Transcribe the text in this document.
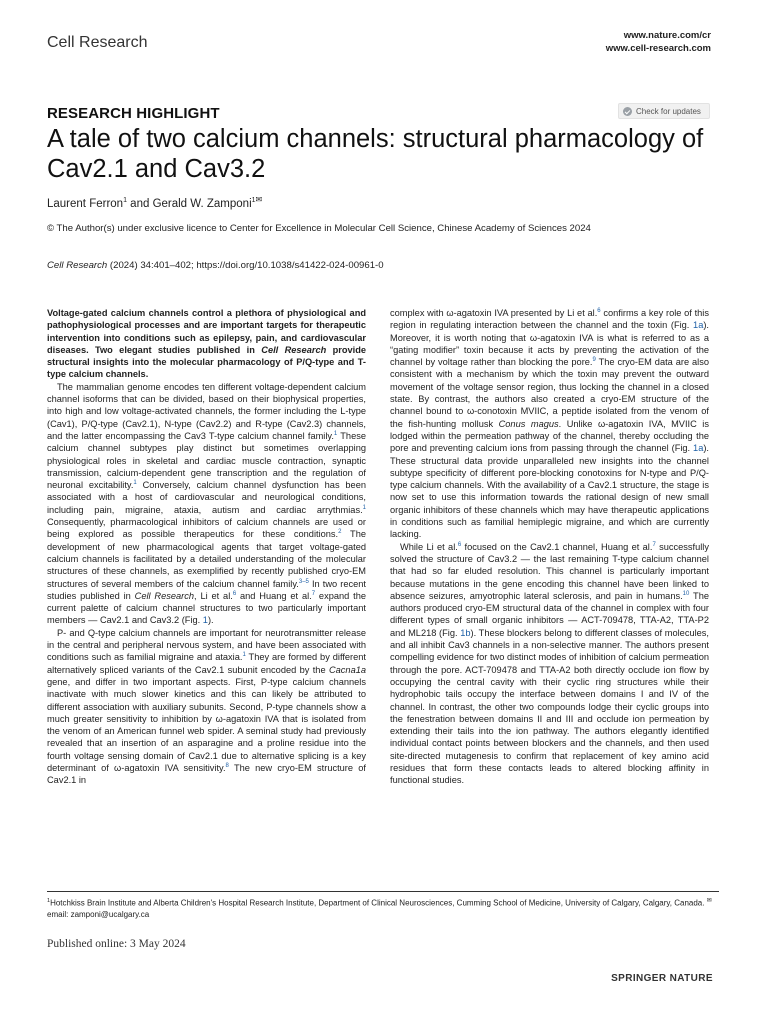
Cell Research	www.nature.com/cr
www.cell-research.com
RESEARCH HIGHLIGHT	Check for updates
A tale of two calcium channels: structural pharmacology of Cav2.1 and Cav3.2
Laurent Ferron$^1$ and Gerald W. Zamponi$^{1✉}$
© The Author(s) under exclusive licence to Center for Excellence in Molecular Cell Science, Chinese Academy of Sciences 2024
Cell Research (2024) 34:401–402; https://doi.org/10.1038/s41422-024-00961-0

Voltage-gated calcium channels control a plethora of physiological and pathophysiological processes and are important targets for therapeutic intervention into conditions such as epilepsy, pain, and cardiovascular diseases. Two elegant studies published in Cell Research provide structural insights into the molecular pharmacology of P/Q-type and T-type calcium channels.

The mammalian genome encodes ten different voltage-dependent calcium channel isoforms that can be divided, based on their biophysical properties, into high and low voltage-activated channels, the former including the L-type (Cav1), P/Q-type (Cav2.1), N-type (Cav2.2) and R-type (Cav2.3) channels, and the latter encompassing the Cav3 T-type calcium channel family.$^1$ These calcium channel subtypes play distinct but sometimes overlapping physiological roles in skeletal and cardiac muscle contraction, synaptic transmission, calcium-dependent gene transcription and the regulation of neuronal excitability.$^1$ Conversely, calcium channel dysfunction has been associated with a host of cardiovascular and neurological conditions, including pain, migraine, ataxia, autism and cardiac arrythmias.$^1$ Consequently, pharmacological inhibitors of calcium channels are used or being explored as possible therapeutics for these conditions.$^2$ The development of new pharmacological agents that target voltage-gated calcium channels is facilitated by a detailed understanding of the molecular structures of these channels, as exemplified by recently published cryo-EM structures of several members of the calcium channel family.$^{3-5}$ In two recent studies published in Cell Research, Li et al.$^6$ and Huang et al.$^7$ expand the current palette of calcium channel structures to two particularly important members — Cav2.1 and Cav3.2 (Fig. 1).

P- and Q-type calcium channels are important for neurotransmitter release in the central and peripheral nervous system, and have been associated with conditions such as familial migraine and ataxia.$^1$ They are formed by different alternatively spliced variants of the Cav2.1 subunit encoded by the Cacna1a gene, and differ in two important aspects. First, P-type calcium channels inactivate with much slower kinetics and this can likely be attributed to different association with auxiliary subunits. Second, P-type channels show a much greater sensitivity to inhibition by ω-agatoxin IVA that is isolated from the venom of an American funnel web spider. A seminal study had previously revealed that an insertion of an asparagine and a proline residue into the fourth voltage sensing domain of Cav2.1 due to alternative splicing is a key determinant of ω-agatoxin IVA sensitivity.$^8$ The new cryo-EM structure of Cav2.1 in

complex with ω-agatoxin IVA presented by Li et al.$^6$ confirms a key role of this region in regulating interaction between the channel and the toxin (Fig. 1a). Moreover, it is worth noting that ω-agatoxin IVA is what is referred to as a “gating modifier” toxin because it acts by preventing the activation of the channel by voltage rather than blocking the pore.$^9$ The cryo-EM data are also consistent with a mechanism by which the toxin may prevent the outward movement of the voltage sensor region, thus locking the channel in a closed state. By contrast, the authors also created a cryo-EM structure of the channel bound to ω-conotoxin MVIIC, a peptide isolated from the venom of the fish-hunting mollusk Conus magus. Unlike ω-agatoxin IVA, MVIIC is lodged within the permeation pathway of the channel, thereby occluding the pore and preventing calcium ions from passing through the channel (Fig. 1a). These structural data provide unparalleled new insights into the channel subtype specificity of different pore-blocking conotoxins for N-type and P/Q-type calcium channels. With the availability of a Cav2.1 structure, the stage is now set to use this information towards the rational design of new small organic inhibitors of these channels which may have therapeutic applications in conditions such as familial hemiplegic migraine, and which are currently lacking.

While Li et al.$^6$ focused on the Cav2.1 channel, Huang et al.$^7$ successfully solved the structure of Cav3.2 — the last remaining T-type calcium channel that had so far eluded resolution. This channel is particularly important because mutations in the gene encoding this channel have been linked to absence seizures, amyotrophic lateral sclerosis, and pain in humans.$^{10}$ The authors produced cryo-EM structural data of the channel in complex with four different types of small organic inhibitors — ACT-709478, TTA-A2, TTA-P2 and ML218 (Fig. 1b). These blockers belong to different classes of molecules, and all inhibit Cav3 channels in a non-selective manner. The authors present compelling evidence for two distinct modes of inhibition of calcium permeation through the pore. ACT-709478 and TTA-A2 both directly occlude ion flow by occupying the central cavity with their cyclic ring structures while their hydrophobic tails occupy the interface between domains I and IV of the channel. In contrast, the other two compounds lodge their cyclic groups into the fenestration between domains II and III and occlude ion permeation by extending their tails into the ion pathway. The authors elegantly identified individual contact points between blockers and the channels, and then used site-directed mutagenesis to confirm that replacement of key amino acid residues that form these contacts leads to altered blocking affinity in functional studies.

$^1$Hotchkiss Brain Institute and Alberta Children's Hospital Research Institute, Department of Clinical Neurosciences, Cumming School of Medicine, University of Calgary, Calgary, Canada. ✉email: zamponi@ucalgary.ca
Published online: 3 May 2024
SPRINGER NATURE
